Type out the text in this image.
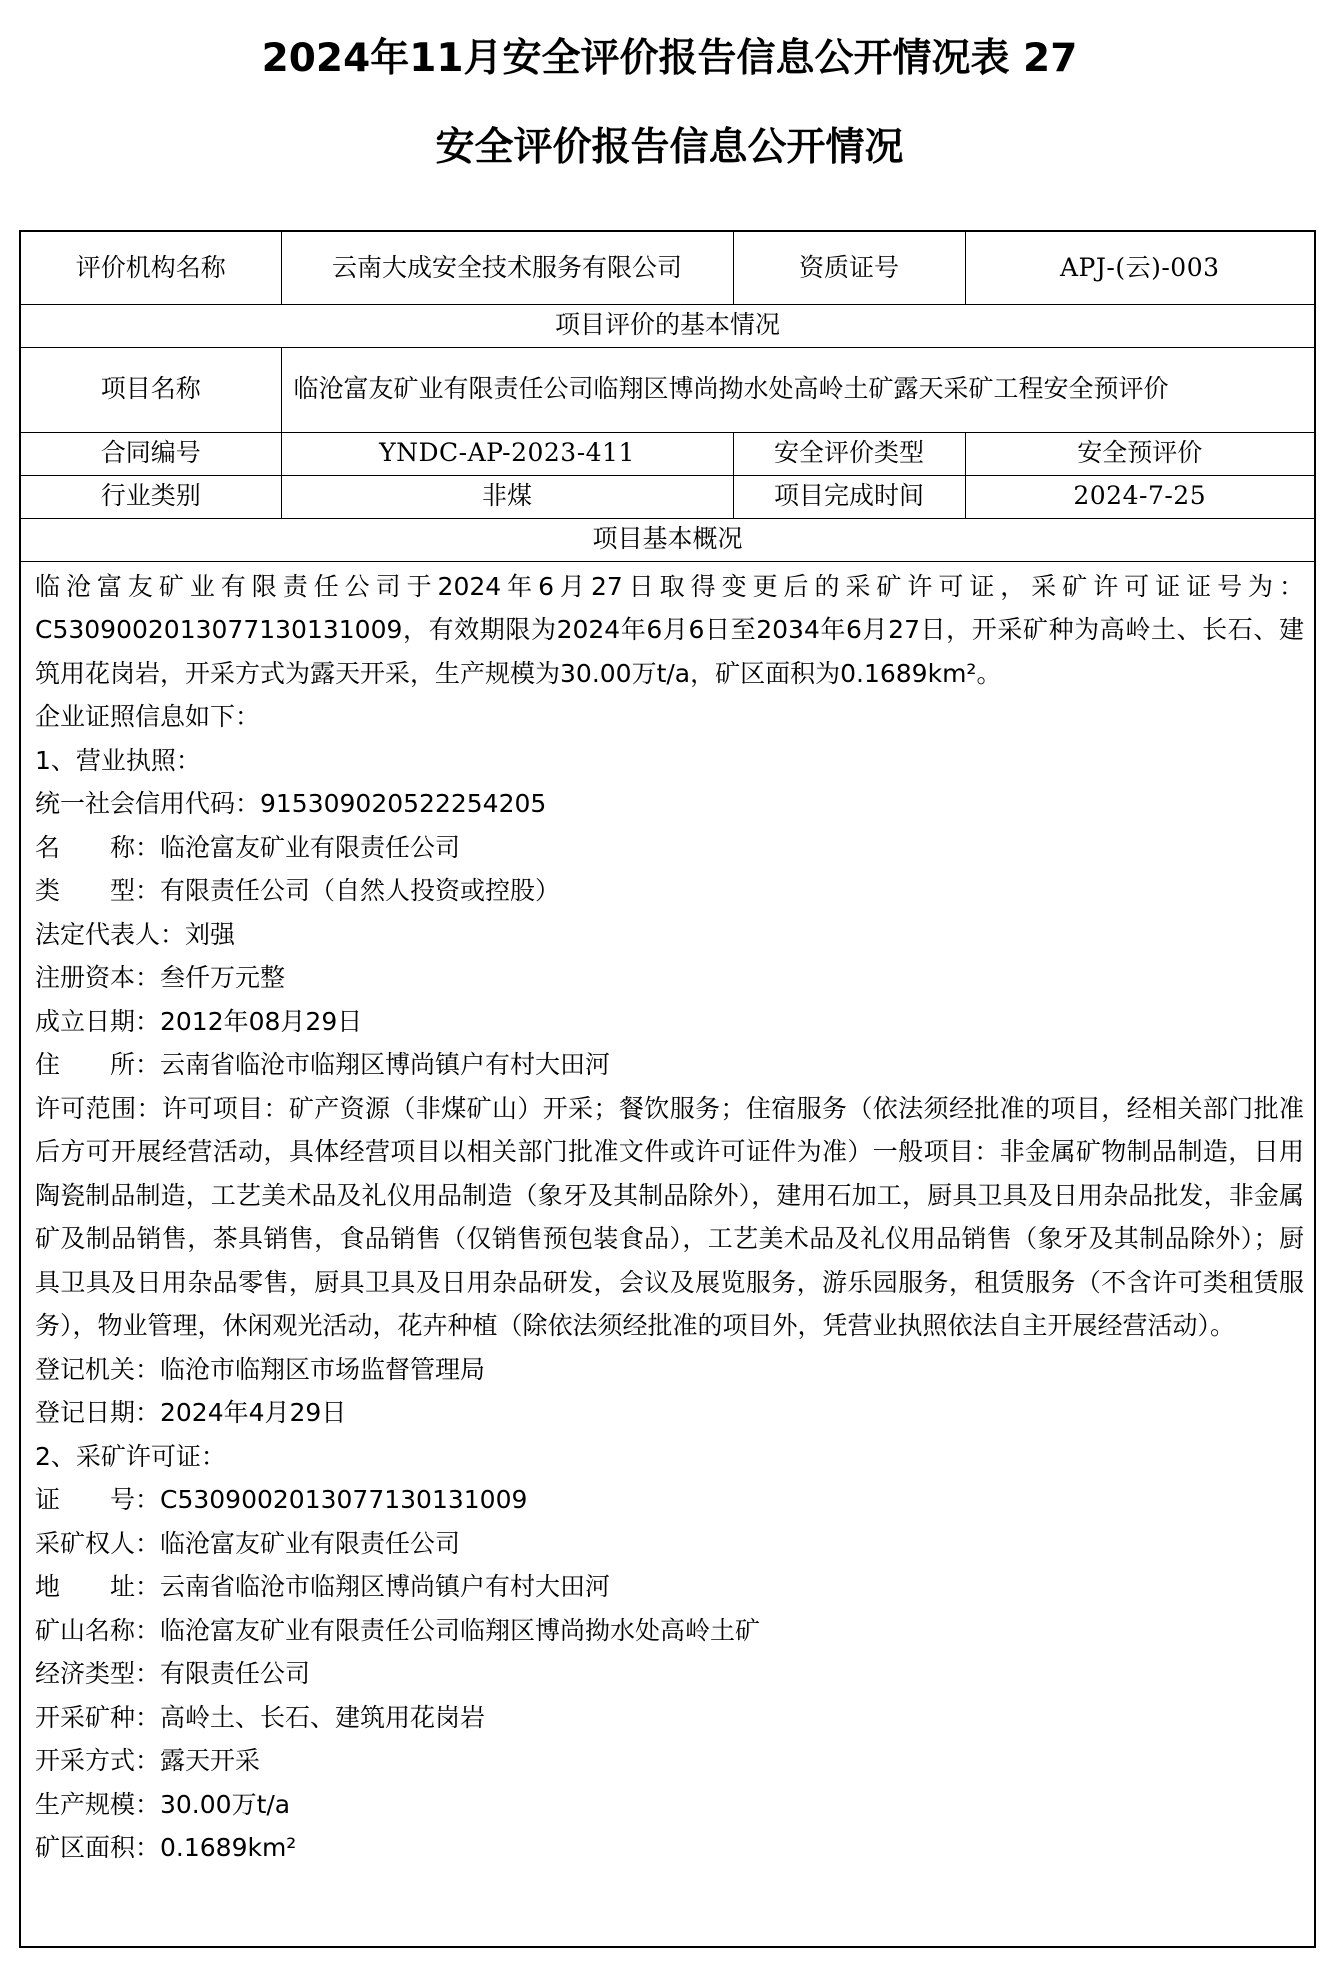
2024年11月安全评价报告信息公开情况表 27
安全评价报告信息公开情况
评价机构名称	云南大成安全技术服务有限公司	资质证号	APJ-(云)-003
项目评价的基本情况			
项目名称	临沧富友矿业有限责任公司临翔区博尚拗水处高岭土矿露天采矿工程安全预评价		
合同编号	YNDC-AP-2023-411	安全评价类型	安全预评价
行业类别	非煤	项目完成时间	2024-7-25
项目基本概况			
临沧富友矿业有限责任公司于2024年6月27日取得变更后的采矿许可证，采矿许可证证号为：C5309002013077130131009，有效期限为2024年6月6日至2034年6月27日，开采矿种为高岭土、长石、建筑用花岗岩，开采方式为露天开采，生产规模为30.00万t/a，矿区面积为0.1689km²。
企业证照信息如下：
1、营业执照：
统一社会信用代码：915309020522254205
名　　称：临沧富友矿业有限责任公司
类　　型：有限责任公司（自然人投资或控股）
法定代表人：刘强
注册资本：叁仟万元整
成立日期：2012年08月29日
住　　所：云南省临沧市临翔区博尚镇户有村大田河
许可范围：许可项目：矿产资源（非煤矿山）开采；餐饮服务；住宿服务（依法须经批准的项目，经相关部门批准后方可开展经营活动，具体经营项目以相关部门批准文件或许可证件为准）一般项目：非金属矿物制品制造，日用陶瓷制品制造，工艺美术品及礼仪用品制造（象牙及其制品除外），建用石加工，厨具卫具及日用杂品批发，非金属矿及制品销售，茶具销售，食品销售（仅销售预包装食品），工艺美术品及礼仪用品销售（象牙及其制品除外）；厨具卫具及日用杂品零售，厨具卫具及日用杂品研发，会议及展览服务，游乐园服务，租赁服务（不含许可类租赁服务），物业管理，休闲观光活动，花卉种植（除依法须经批准的项目外，凭营业执照依法自主开展经营活动）。
登记机关：临沧市临翔区市场监督管理局
登记日期：2024年4月29日
2、采矿许可证：
证　　号：C5309002013077130131009
采矿权人：临沧富友矿业有限责任公司
地　　址：云南省临沧市临翔区博尚镇户有村大田河
矿山名称：临沧富友矿业有限责任公司临翔区博尚拗水处高岭土矿
经济类型：有限责任公司
开采矿种：高岭土、长石、建筑用花岗岩
开采方式：露天开采
生产规模：30.00万t/a
矿区面积：0.1689km²
